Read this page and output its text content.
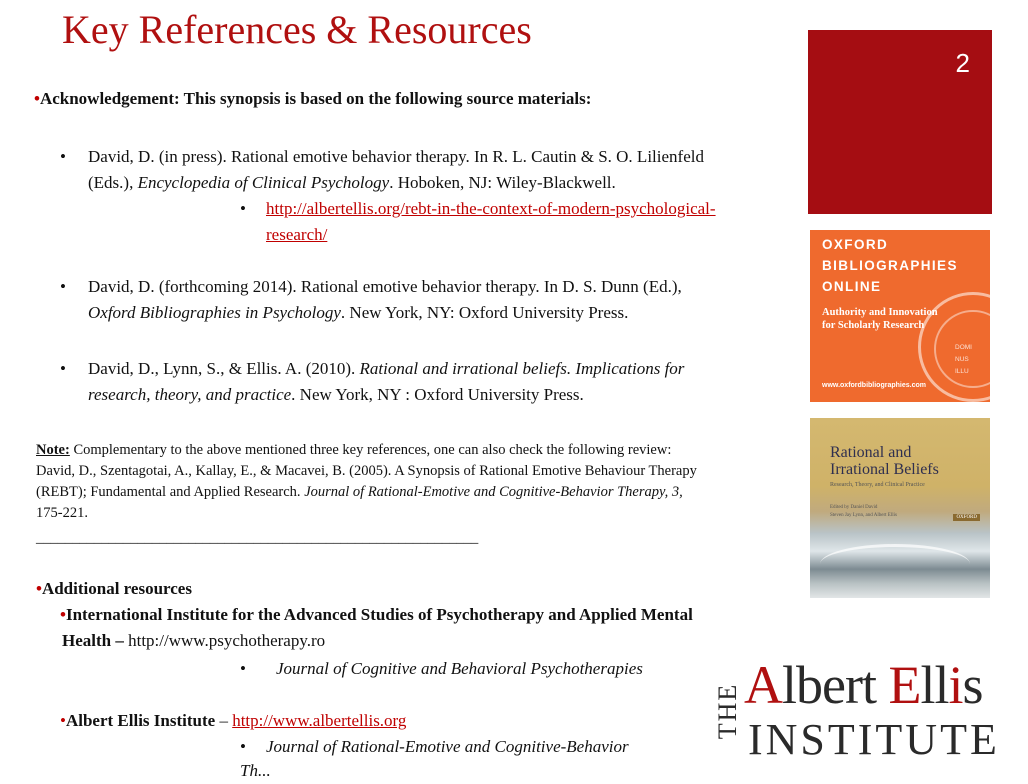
Key References & Resources
2
•Acknowledgement: This synopsis is based on the following source materials:
• David, D. (in press). Rational emotive behavior therapy. In R. L. Cautin & S. O. Lilienfeld
(Eds.), Encyclopedia of Clinical Psychology. Hoboken, NJ: Wiley-Blackwell.
• http://albertellis.org/rebt-in-the-context-of-modern-psychological-
research/
• David, D. (forthcoming 2014). Rational emotive behavior therapy. In D. S. Dunn (Ed.),
Oxford Bibliographies in Psychology. New York, NY: Oxford University Press.
• David, D., Lynn, S., & Ellis. A. (2010). Rational and irrational beliefs. Implications for
research, theory, and practice. New York, NY : Oxford University Press.
Note: Complementary to the above mentioned three key references, one can also check the following review:
David, D., Szentagotai, A., Kallay, E., & Macavei, B. (2005). A Synopsis of Rational Emotive Behaviour Therapy
(REBT); Fundamental and Applied Research. Journal of Rational-Emotive and Cognitive-Behavior Therapy, 3,
175-221.
_____________________________________________________________
•Additional resources
•International Institute for the Advanced Studies of Psychotherapy and Applied Mental
Health – http://www.psychotherapy.ro
• Journal of Cognitive and Behavioral Psychotherapies
•Albert Ellis Institute – http://www.albertellis.org
• Journal of Rational-Emotive and Cognitive-Behavior
Th...
DOMI
NUS
ILLU
OXFORD
BIBLIOGRAPHIES
ONLINE
Authority and Innovation
for Scholarly Research
www.oxfordbibliographies.com
Rational and
Irrational Beliefs
Research, Theory, and Clinical Practice
Edited by Daniel David
Steven Jay Lynn, and Albert Ellis	OXFORD
THE Albert Ellis
INSTITUTE
